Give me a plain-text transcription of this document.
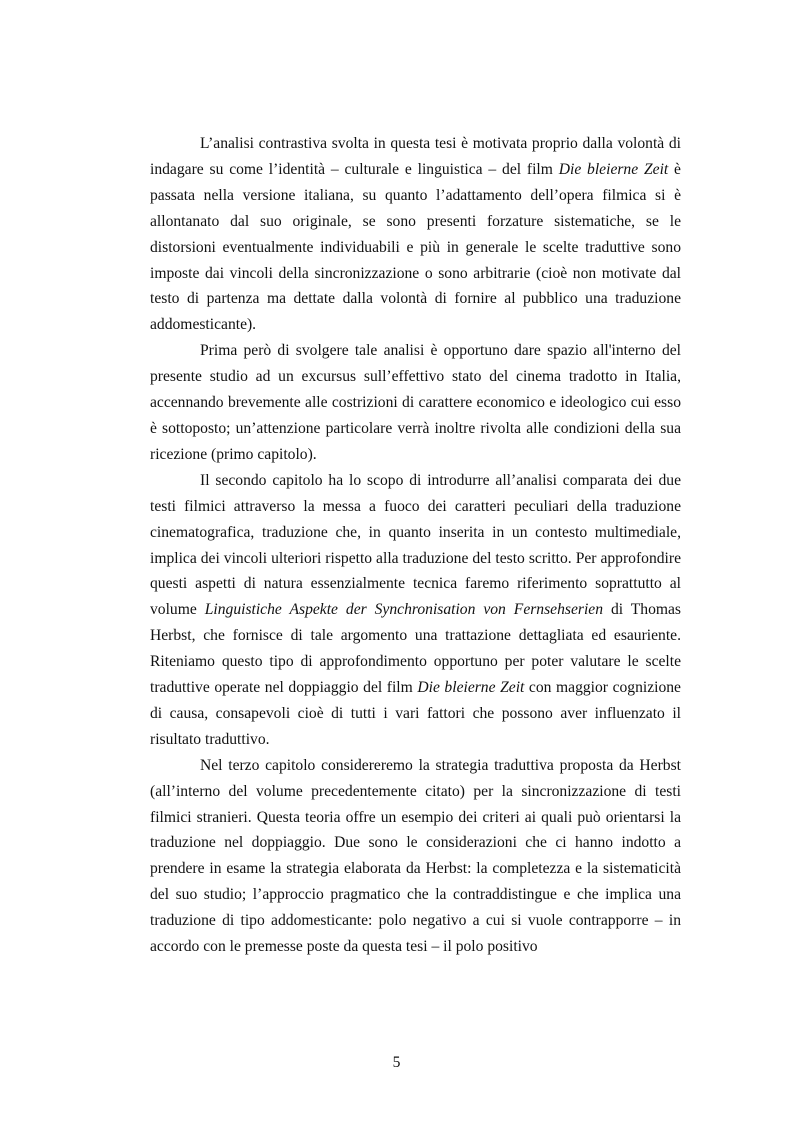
L’analisi contrastiva svolta in questa tesi è motivata proprio dalla volontà di indagare su come l’identità – culturale e linguistica – del film Die bleierne Zeit è passata nella versione italiana, su quanto l’adattamento dell’opera filmica si è allontanato dal suo originale, se sono presenti forzature sistematiche, se le distorsioni eventualmente individuabili e più in generale le scelte traduttive sono imposte dai vincoli della sincronizzazione o sono arbitrarie (cioè non motivate dal testo di partenza ma dettate dalla volontà di fornire al pubblico una traduzione addomesticante).

Prima però di svolgere tale analisi è opportuno dare spazio all'interno del presente studio ad un excursus sull’effettivo stato del cinema tradotto in Italia, accennando brevemente alle costrizioni di carattere economico e ideologico cui esso è sottoposto; un’attenzione particolare verrà inoltre rivolta alle condizioni della sua ricezione (primo capitolo).

Il secondo capitolo ha lo scopo di introdurre all’analisi comparata dei due testi filmici attraverso la messa a fuoco dei caratteri peculiari della traduzione cinematografica, traduzione che, in quanto inserita in un contesto multimediale, implica dei vincoli ulteriori rispetto alla traduzione del testo scritto. Per approfondire questi aspetti di natura essenzialmente tecnica faremo riferimento soprattutto al volume Linguistiche Aspekte der Synchronisation von Fernsehserien di Thomas Herbst, che fornisce di tale argomento una trattazione dettagliata ed esauriente. Riteniamo questo tipo di approfondimento opportuno per poter valutare le scelte traduttive operate nel doppiaggio del film Die bleierne Zeit con maggior cognizione di causa, consapevoli cioè di tutti i vari fattori che possono aver influenzato il risultato traduttivo.

Nel terzo capitolo considereremo la strategia traduttiva proposta da Herbst (all’interno del volume precedentemente citato) per la sincronizzazione di testi filmici stranieri. Questa teoria offre un esempio dei criteri ai quali può orientarsi la traduzione nel doppiaggio. Due sono le considerazioni che ci hanno indotto a prendere in esame la strategia elaborata da Herbst: la completezza e la sistematicità del suo studio; l’approccio pragmatico che la contraddistingue e che implica una traduzione di tipo addomesticante: polo negativo a cui si vuole contrapporre – in accordo con le premesse poste da questa tesi – il polo positivo

5
